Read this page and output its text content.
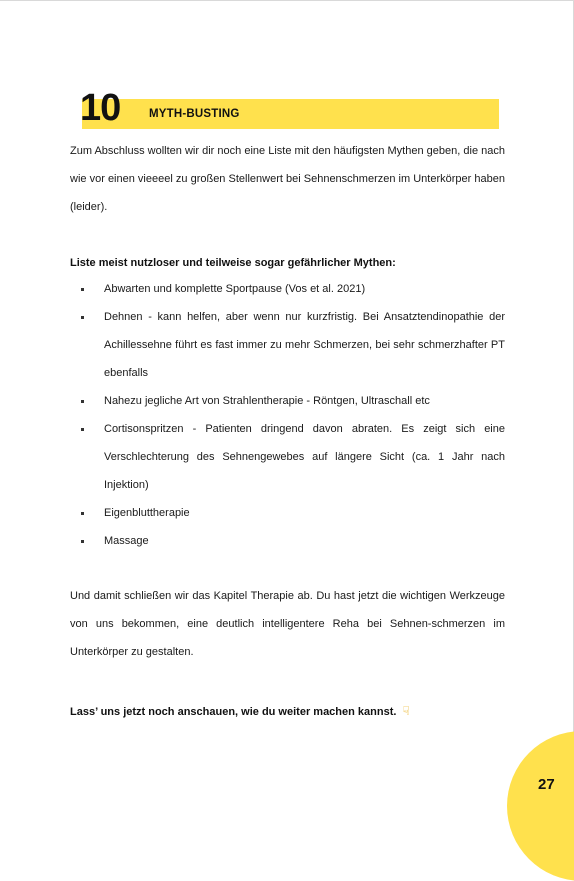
10 MYTH-BUSTING

Zum Abschluss wollten wir dir noch eine Liste mit den häufigsten Mythen geben, die nach wie vor einen vieeeel zu großen Stellenwert bei Sehnenschmerzen im Unterkörper haben (leider).

Liste meist nutzloser und teilweise sogar gefährlicher Mythen:
Abwarten und komplette Sportpause (Vos et al. 2021)
Dehnen - kann helfen, aber wenn nur kurzfristig. Bei Ansatztendinopathie der Achillessehne führt es fast immer zu mehr Schmerzen, bei sehr schmerzhafter PT ebenfalls
Nahezu jegliche Art von Strahlentherapie - Röntgen, Ultraschall etc
Cortisonspritzen - Patienten dringend davon abraten. Es zeigt sich eine Verschlechterung des Sehnengewebes auf längere Sicht (ca. 1 Jahr nach Injektion)
Eigenbluttherapie
Massage

Und damit schließen wir das Kapitel Therapie ab. Du hast jetzt die wichtigen Werkzeuge von uns bekommen, eine deutlich intelligentere Reha bei Sehnen-schmerzen im Unterkörper zu gestalten.

Lass’ uns jetzt noch anschauen, wie du weiter machen kannst. ☟
27
